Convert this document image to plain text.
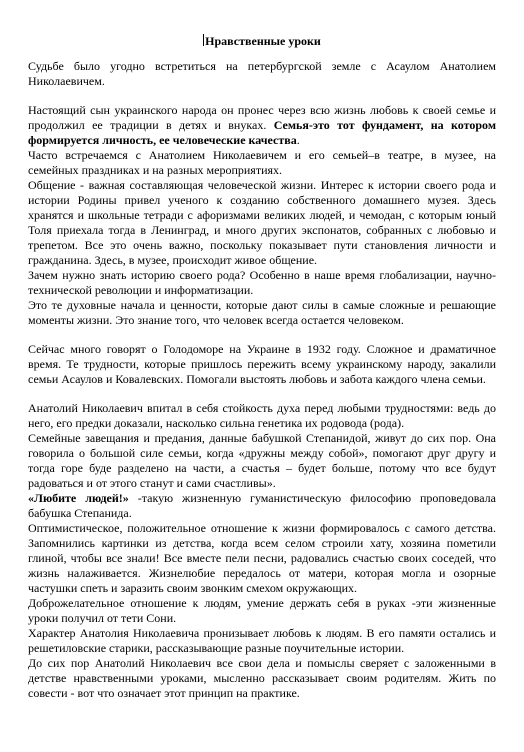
Нравственные уроки

Судьбе было угодно встретиться на петербургской земле с Асаулом Анатолием Николаевичем.

Настоящий сын украинского народа он пронес через всю жизнь любовь к своей семье и продолжил ее традиции в детях и внуках. Семья-это тот фундамент, на котором формируется личность, ее человеческие качества.

Часто встречаемся с Анатолием Николаевичем и его семьей–в театре, в музее, на семейных праздниках и на разных мероприятиях.

Общение - важная составляющая человеческой жизни. Интерес к истории своего рода и истории Родины привел ученого к созданию собственного домашнего музея. Здесь хранятся и школьные тетради с афоризмами великих людей, и чемодан, с которым юный Толя приехала тогда в Ленинград, и много других экспонатов, собранных с любовью и трепетом. Все это очень важно, поскольку показывает пути становления личности и гражданина. Здесь, в музее, происходит живое общение.

Зачем нужно знать историю своего рода? Особенно в наше время глобализации, научно-технической революции и информатизации.

Это те духовные начала и ценности, которые дают силы в самые сложные и решающие моменты жизни. Это знание того, что человек всегда остается человеком.

Сейчас много говорят о Голодоморе на Украине в 1932 году. Сложное и драматичное время. Те трудности, которые пришлось пережить всему украинскому народу, закалили семьи Асаулов и Ковалевских. Помогали выстоять любовь и забота каждого члена семьи.

Анатолий Николаевич впитал в себя стойкость духа перед любыми трудностями: ведь до него, его предки доказали, насколько сильна генетика их родовода (рода).

Семейные завещания и предания, данные бабушкой Степанидой, живут до сих пор. Она говорила о большой силе семьи, когда «дружны между собой», помогают друг другу и тогда горе буде разделено на части, а счастья – будет больше, потому что все будут радоваться и от этого станут и сами счастливы».

«Любите людей!» -такую жизненную гуманистическую философию проповедовала бабушка Степанида.

Оптимистическое, положительное отношение к жизни формировалось с самого детства. Запомнились картинки из детства, когда всем селом строили хату, хозяина пометили глиной, чтобы все знали! Все вместе пели песни, радовались счастью своих соседей, что жизнь налаживается. Жизнелюбие передалось от матери, которая могла и озорные частушки спеть и заразить своим звонким смехом окружающих.

Доброжелательное отношение к людям, умение держать себя в руках -эти жизненные уроки получил от тети Сони.

Характер Анатолия Николаевича пронизывает любовь к людям. В его памяти остались и решетиловские старики, рассказывающие разные поучительные истории.

До сих пор Анатолий Николаевич все свои дела и помыслы сверяет с заложенными в детстве нравственными уроками, мысленно рассказывает своим родителям. Жить по совести - вот что означает этот принцип на практике.
